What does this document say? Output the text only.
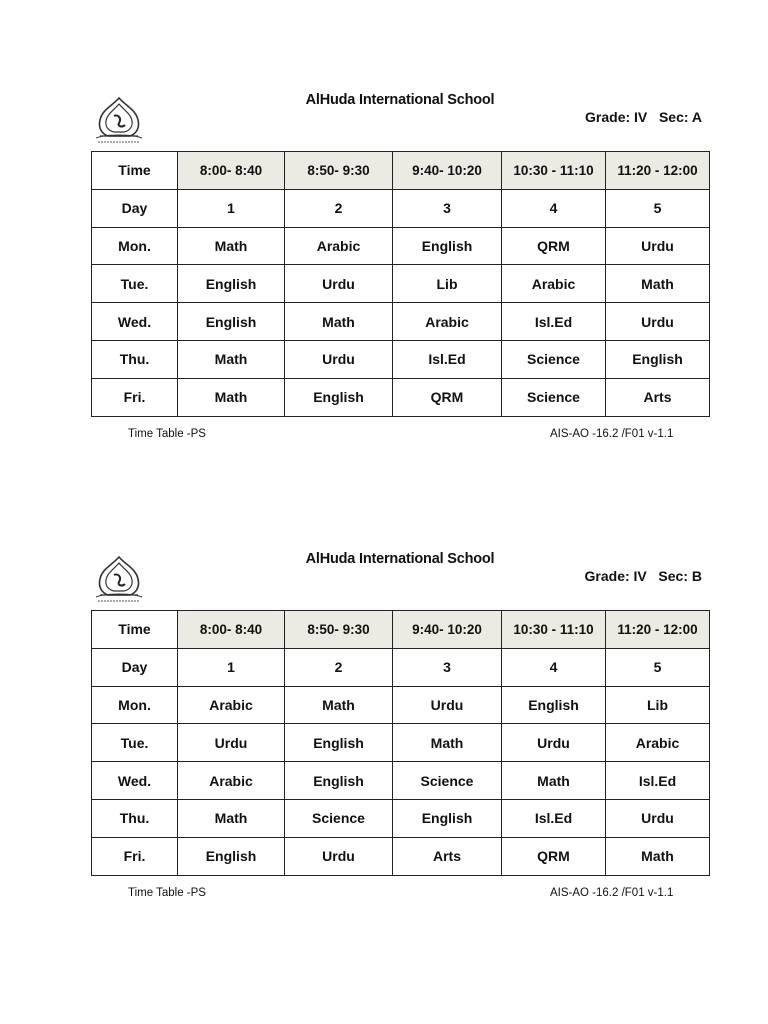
AlHuda International School
Grade: IV   Sec: A
Time	8:00- 8:40	8:50- 9:30	9:40- 10:20	10:30 - 11:10	11:20 - 12:00
Day	1	2	3	4	5
Mon.	Math	Arabic	English	QRM	Urdu
Tue.	English	Urdu	Lib	Arabic	Math
Wed.	English	Math	Arabic	Isl.Ed	Urdu
Thu.	Math	Urdu	Isl.Ed	Science	English
Fri.	Math	English	QRM	Science	Arts
Time Table -PS	AIS-AO -16.2 /F01 v-1.1
AlHuda International School
Grade: IV   Sec: B
Time	8:00- 8:40	8:50- 9:30	9:40- 10:20	10:30 - 11:10	11:20 - 12:00
Day	1	2	3	4	5
Mon.	Arabic	Math	Urdu	English	Lib
Tue.	Urdu	English	Math	Urdu	Arabic
Wed.	Arabic	English	Science	Math	Isl.Ed
Thu.	Math	Science	English	Isl.Ed	Urdu
Fri.	English	Urdu	Arts	QRM	Math
Time Table -PS	AIS-AO -16.2 /F01 v-1.1
